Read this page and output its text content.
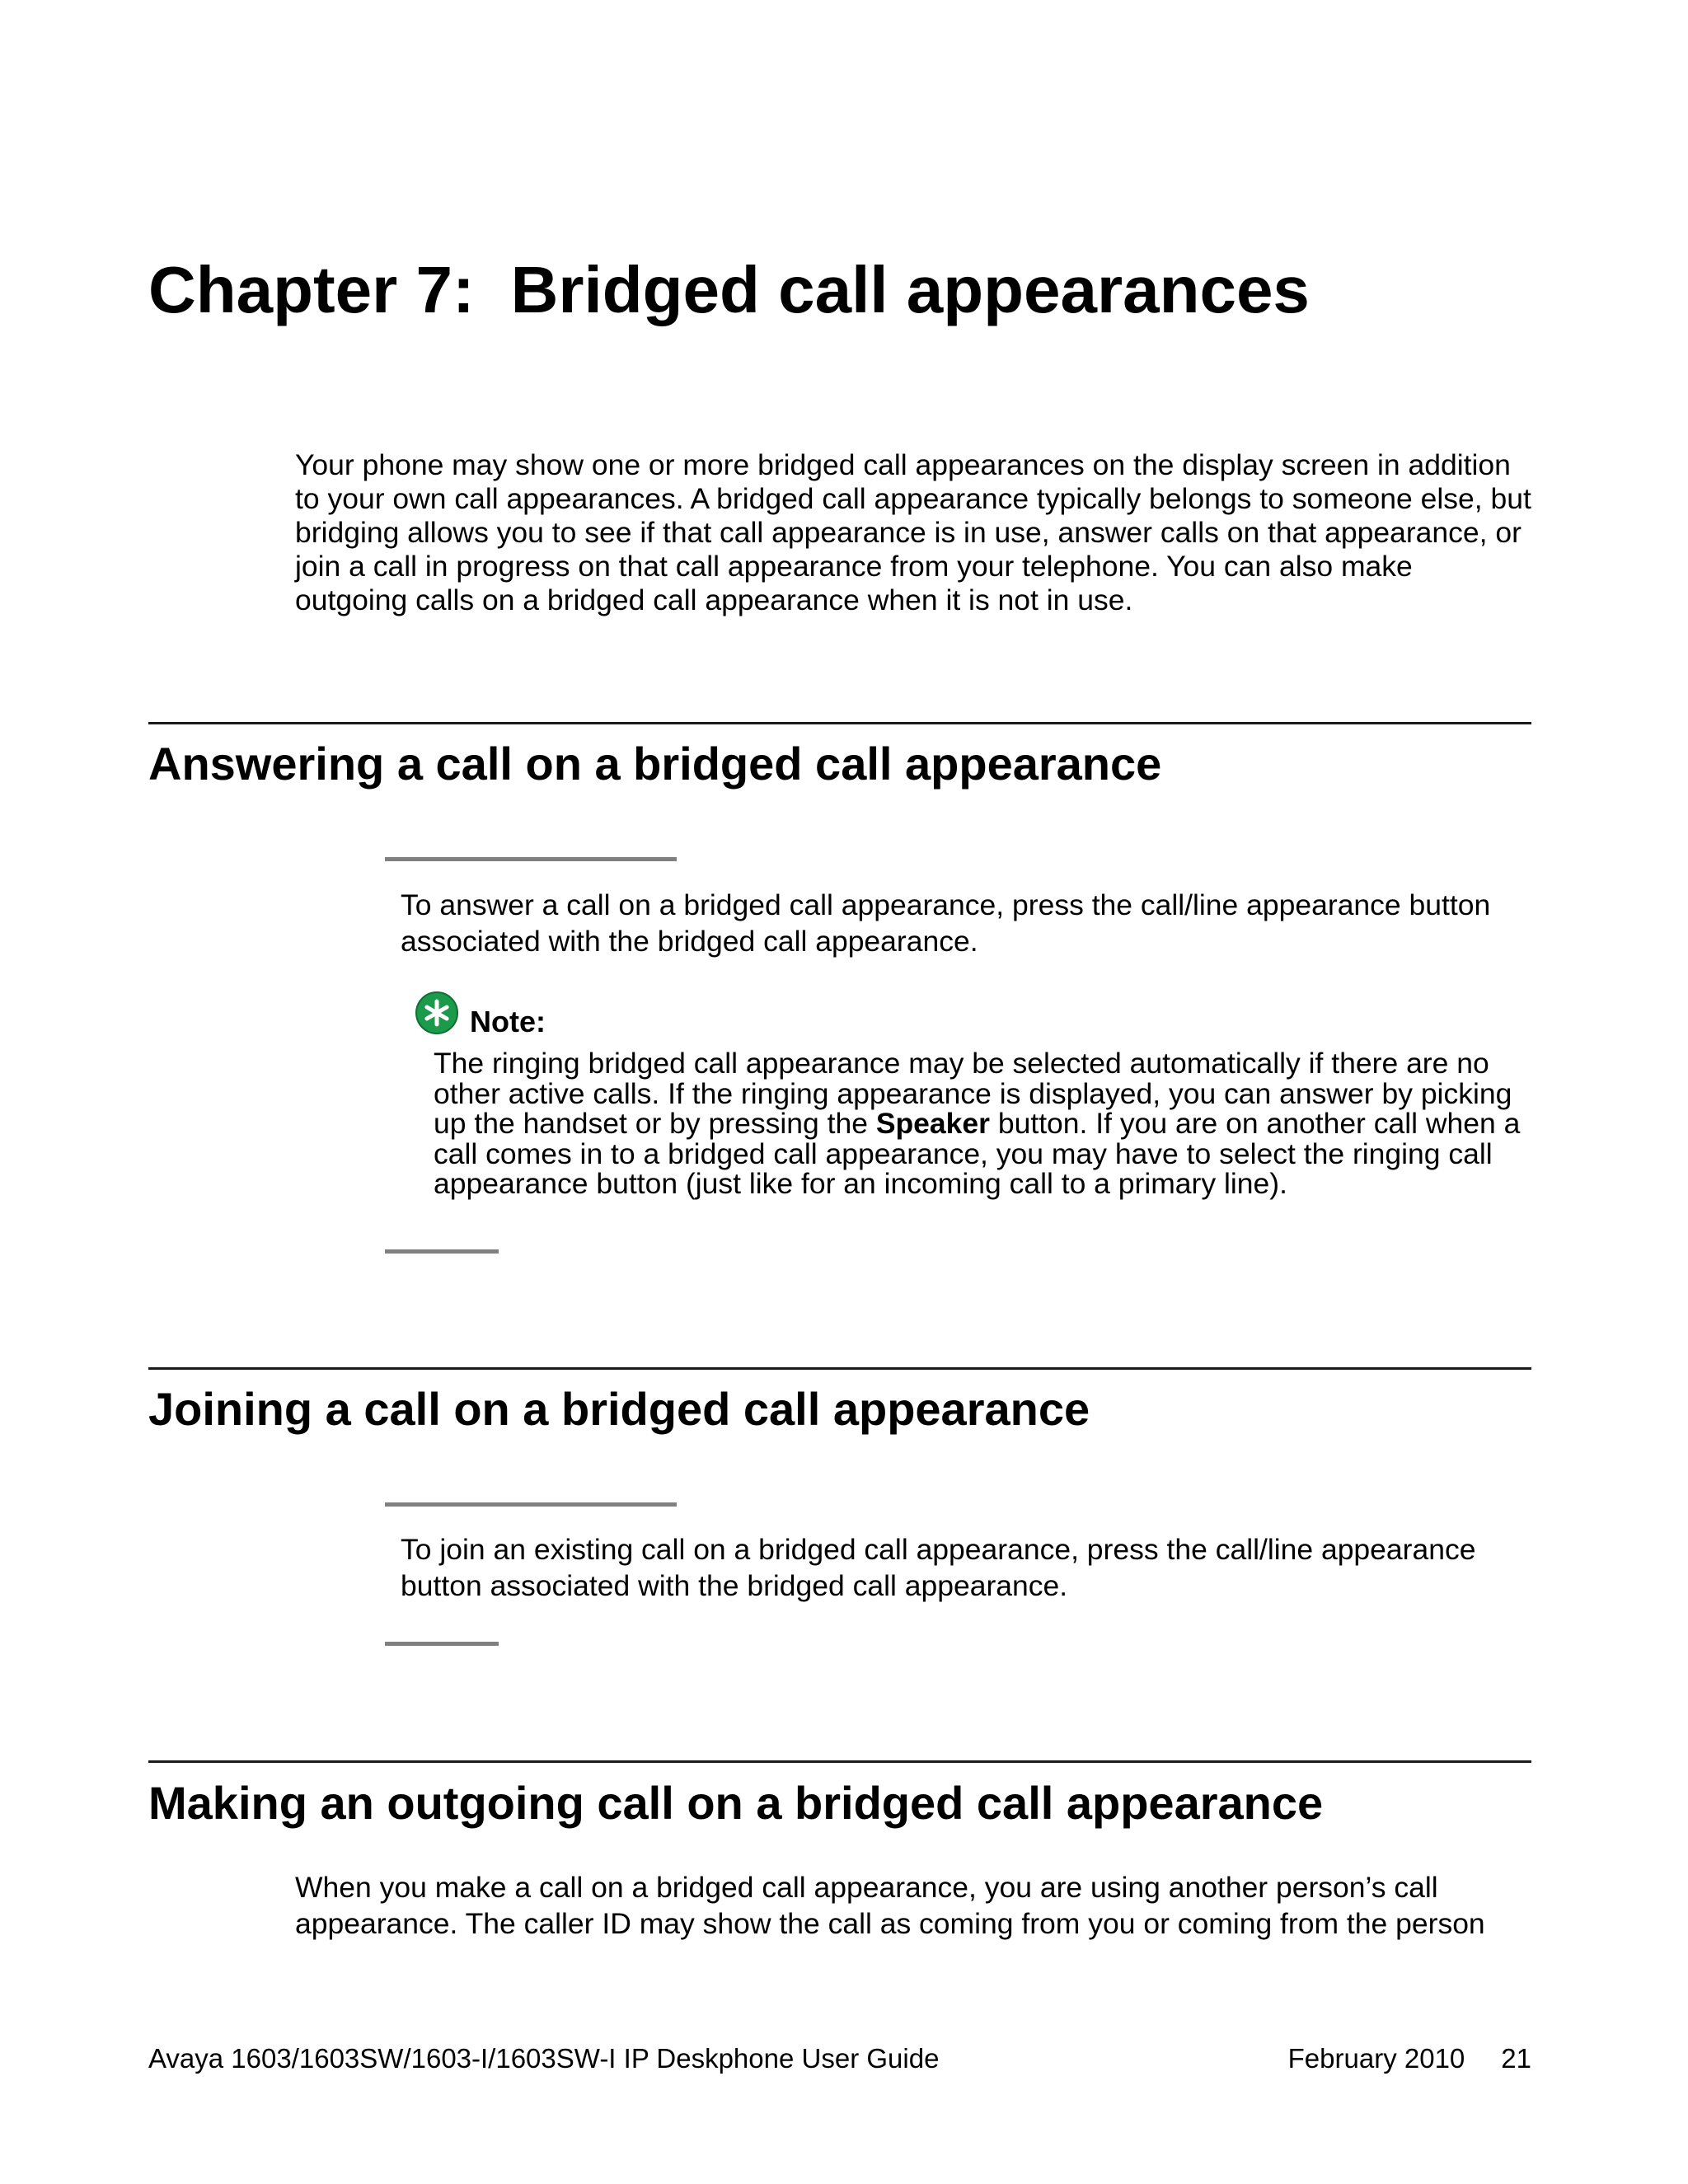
Chapter 7: Bridged call appearances

Your phone may show one or more bridged call appearances on the display screen in addition to your own call appearances. A bridged call appearance typically belongs to someone else, but bridging allows you to see if that call appearance is in use, answer calls on that appearance, or join a call in progress on that call appearance from your telephone. You can also make outgoing calls on a bridged call appearance when it is not in use.

Answering a call on a bridged call appearance

To answer a call on a bridged call appearance, press the call/line appearance button associated with the bridged call appearance.

Note:

The ringing bridged call appearance may be selected automatically if there are no other active calls. If the ringing appearance is displayed, you can answer by picking up the handset or by pressing the Speaker button. If you are on another call when a call comes in to a bridged call appearance, you may have to select the ringing call appearance button (just like for an incoming call to a primary line).

Joining a call on a bridged call appearance

To join an existing call on a bridged call appearance, press the call/line appearance button associated with the bridged call appearance.

Making an outgoing call on a bridged call appearance

When you make a call on a bridged call appearance, you are using another person’s call appearance. The caller ID may show the call as coming from you or coming from the person

Avaya 1603/1603SW/1603-I/1603SW-I IP Deskphone User Guide	February 2010 21
